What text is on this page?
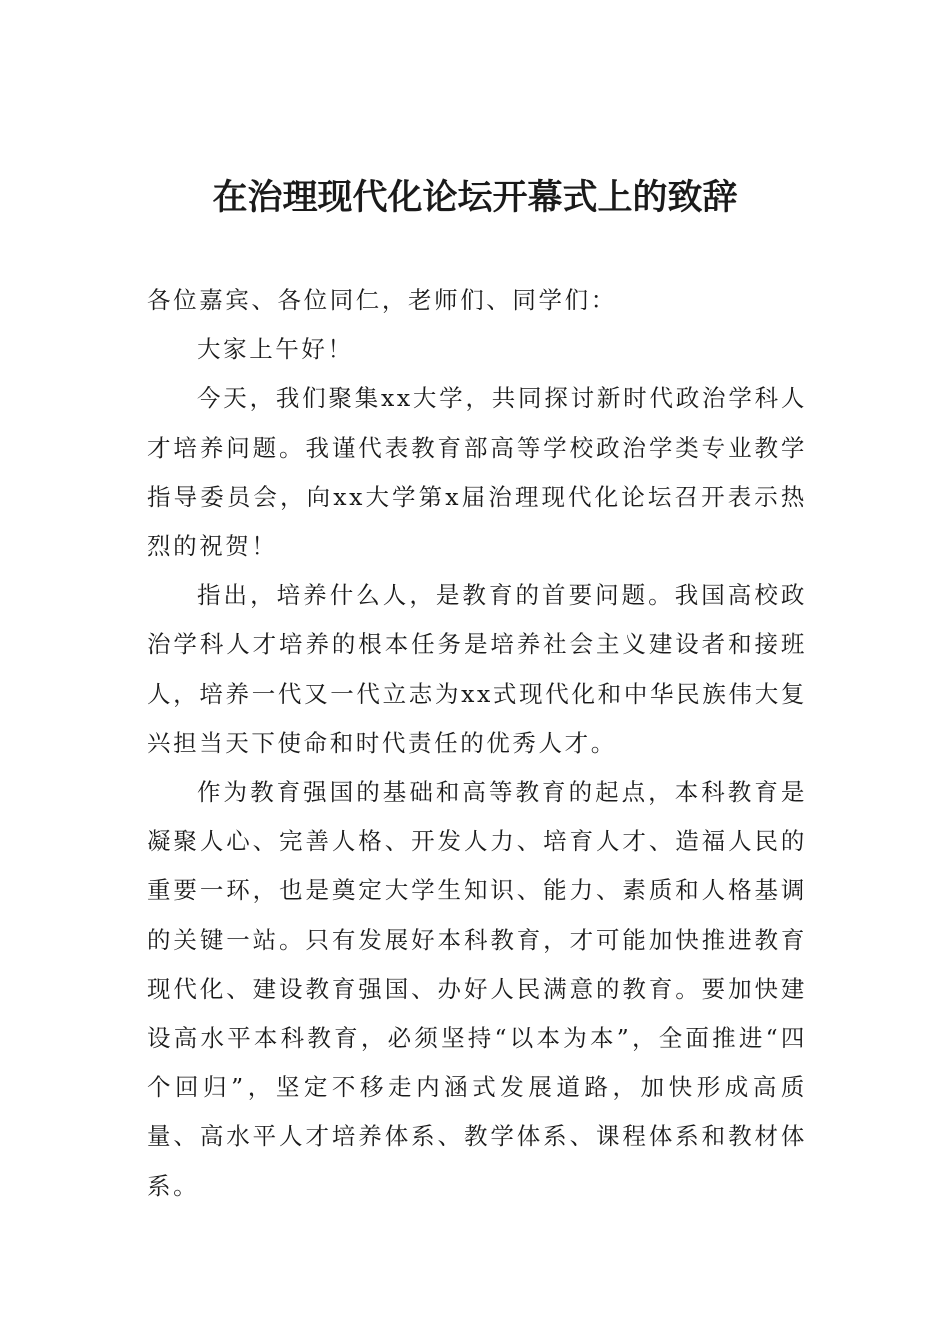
在治理现代化论坛开幕式上的致辞

各位嘉宾、各位同仁，老师们、同学们：

大家上午好！

今天，我们聚集xx大学，共同探讨新时代政治学科人才培养问题。我谨代表教育部高等学校政治学类专业教学指导委员会，向xx大学第x届治理现代化论坛召开表示热烈的祝贺！

指出，培养什么人，是教育的首要问题。我国高校政治学科人才培养的根本任务是培养社会主义建设者和接班人，培养一代又一代立志为xx式现代化和中华民族伟大复兴担当天下使命和时代责任的优秀人才。

作为教育强国的基础和高等教育的起点，本科教育是凝聚人心、完善人格、开发人力、培育人才、造福人民的重要一环，也是奠定大学生知识、能力、素质和人格基调的关键一站。只有发展好本科教育，才可能加快推进教育现代化、建设教育强国、办好人民满意的教育。要加快建设高水平本科教育，必须坚持“以本为本”，全面推进“四个回归”，坚定不移走内涵式发展道路，加快形成高质量、高水平人才培养体系、教学体系、课程体系和教材体系。
